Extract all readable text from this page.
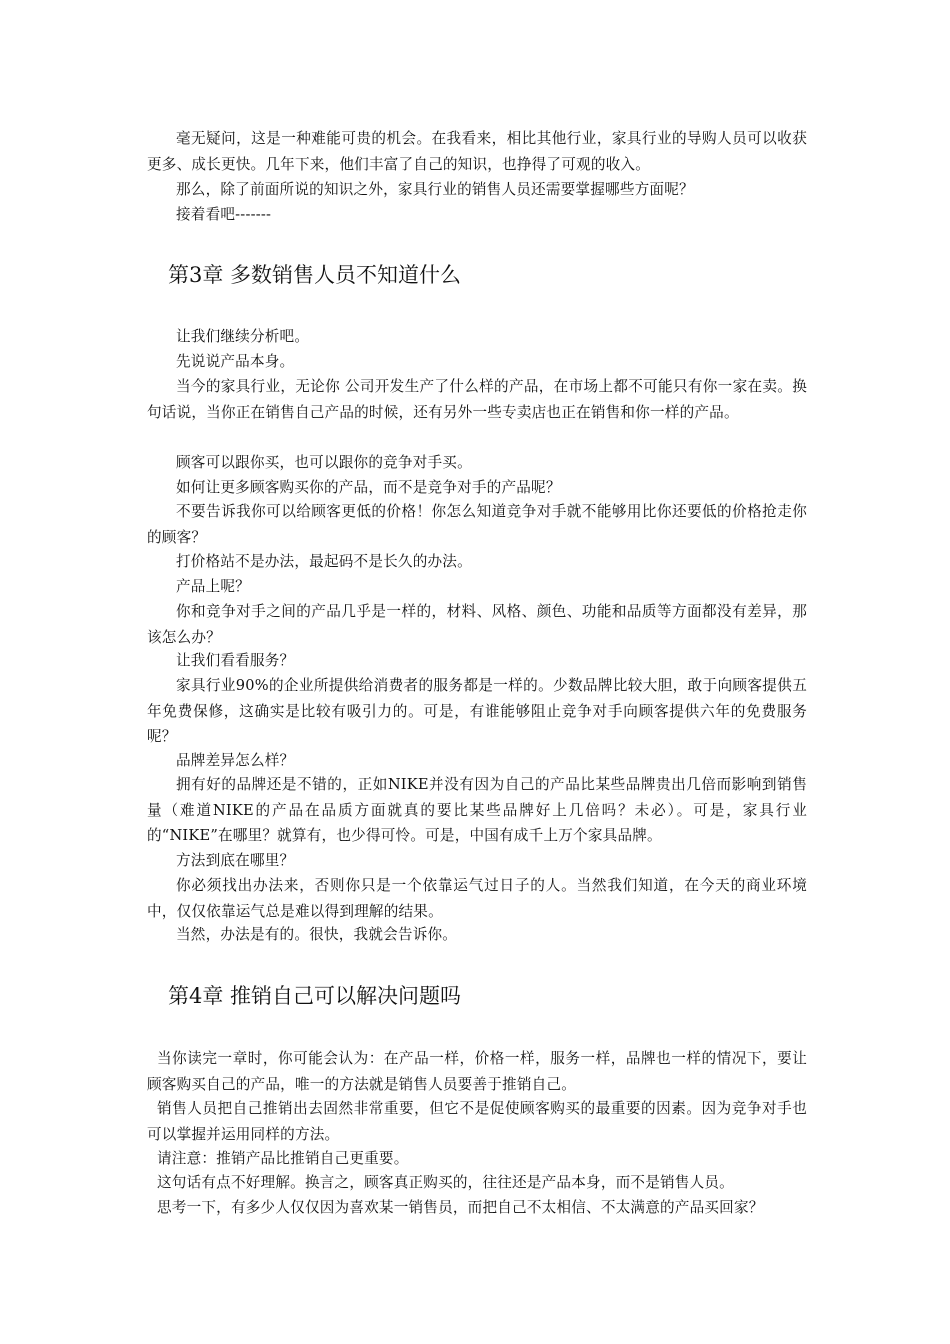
毫无疑问，这是一种难能可贵的机会。在我看来，相比其他行业，家具行业的导购人员可以收获更多、成长更快。几年下来，他们丰富了自己的知识，也挣得了可观的收入。

那么，除了前面所说的知识之外，家具行业的销售人员还需要掌握哪些方面呢？

接着看吧-------

第3章 多数销售人员不知道什么

让我们继续分析吧。

先说说产品本身。

当今的家具行业，无论你 公司开发生产了什么样的产品，在市场上都不可能只有你一家在卖。换句话说，当你正在销售自己产品的时候，还有另外一些专卖店也正在销售和你一样的产品。

顾客可以跟你买，也可以跟你的竞争对手买。

如何让更多顾客购买你的产品，而不是竞争对手的产品呢？

不要告诉我你可以给顾客更低的价格！你怎么知道竞争对手就不能够用比你还要低的价格抢走你的顾客？

打价格站不是办法，最起码不是长久的办法。

产品上呢？

你和竞争对手之间的产品几乎是一样的，材料、风格、颜色、功能和品质等方面都没有差异，那该怎么办？

让我们看看服务？

家具行业90%的企业所提供给消费者的服务都是一样的。少数品牌比较大胆，敢于向顾客提供五年免费保修，这确实是比较有吸引力的。可是，有谁能够阻止竞争对手向顾客提供六年的免费服务呢？

品牌差异怎么样？

拥有好的品牌还是不错的，正如NIKE并没有因为自己的产品比某些品牌贵出几倍而影响到销售量（难道NIKE的产品在品质方面就真的要比某些品牌好上几倍吗？未必）。可是，家具行业的“NIKE”在哪里？就算有，也少得可怜。可是，中国有成千上万个家具品牌。

方法到底在哪里？

你必须找出办法来，否则你只是一个依靠运气过日子的人。当然我们知道，在今天的商业环境中，仅仅依靠运气总是难以得到理解的结果。

当然，办法是有的。很快，我就会告诉你。

第4章 推销自己可以解决问题吗

当你读完一章时，你可能会认为：在产品一样，价格一样，服务一样，品牌也一样的情况下，要让顾客购买自己的产品，唯一的方法就是销售人员要善于推销自己。

销售人员把自己推销出去固然非常重要，但它不是促使顾客购买的最重要的因素。因为竞争对手也可以掌握并运用同样的方法。

请注意：推销产品比推销自己更重要。

这句话有点不好理解。换言之，顾客真正购买的，往往还是产品本身，而不是销售人员。

思考一下，有多少人仅仅因为喜欢某一销售员，而把自己不太相信、不太满意的产品买回家？
